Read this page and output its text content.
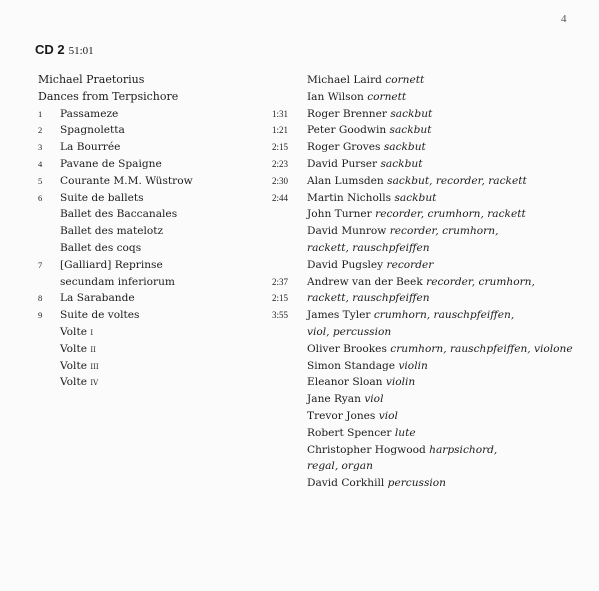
4
CD 2 51:01
Michael Praetorius
Dances from Terpsichore
1	Passameze	1:31
2	Spagnoletta	1:21
3	La Bourrée	2:15
4	Pavane de Spaigne	2:23
5	Courante M.M. Wüstrow	2:30
6	Suite de ballets	2:44
Ballet des Baccanales
Ballet des matelotz
Ballet des coqs
7	[Galliard] Reprinse
secundam inferiorum	2:37
8	La Sarabande	2:15
9	Suite de voltes	3:55
Volte i
Volte ii
Volte iii
Volte iv
Michael Laird cornett
Ian Wilson cornett
Roger Brenner sackbut
Peter Goodwin sackbut
Roger Groves sackbut
David Purser sackbut
Alan Lumsden sackbut, recorder, rackett
Martin Nicholls sackbut
John Turner recorder, crumhorn, rackett
David Munrow recorder, crumhorn,
rackett, rauschpfeiffen
David Pugsley recorder
Andrew van der Beek recorder, crumhorn,
rackett, rauschpfeiffen
James Tyler crumhorn, rauschpfeiffen,
viol, percussion
Oliver Brookes crumhorn, rauschpfeiffen, violone
Simon Standage violin
Eleanor Sloan violin
Jane Ryan viol
Trevor Jones viol
Robert Spencer lute
Christopher Hogwood harpsichord,
regal, organ
David Corkhill percussion
